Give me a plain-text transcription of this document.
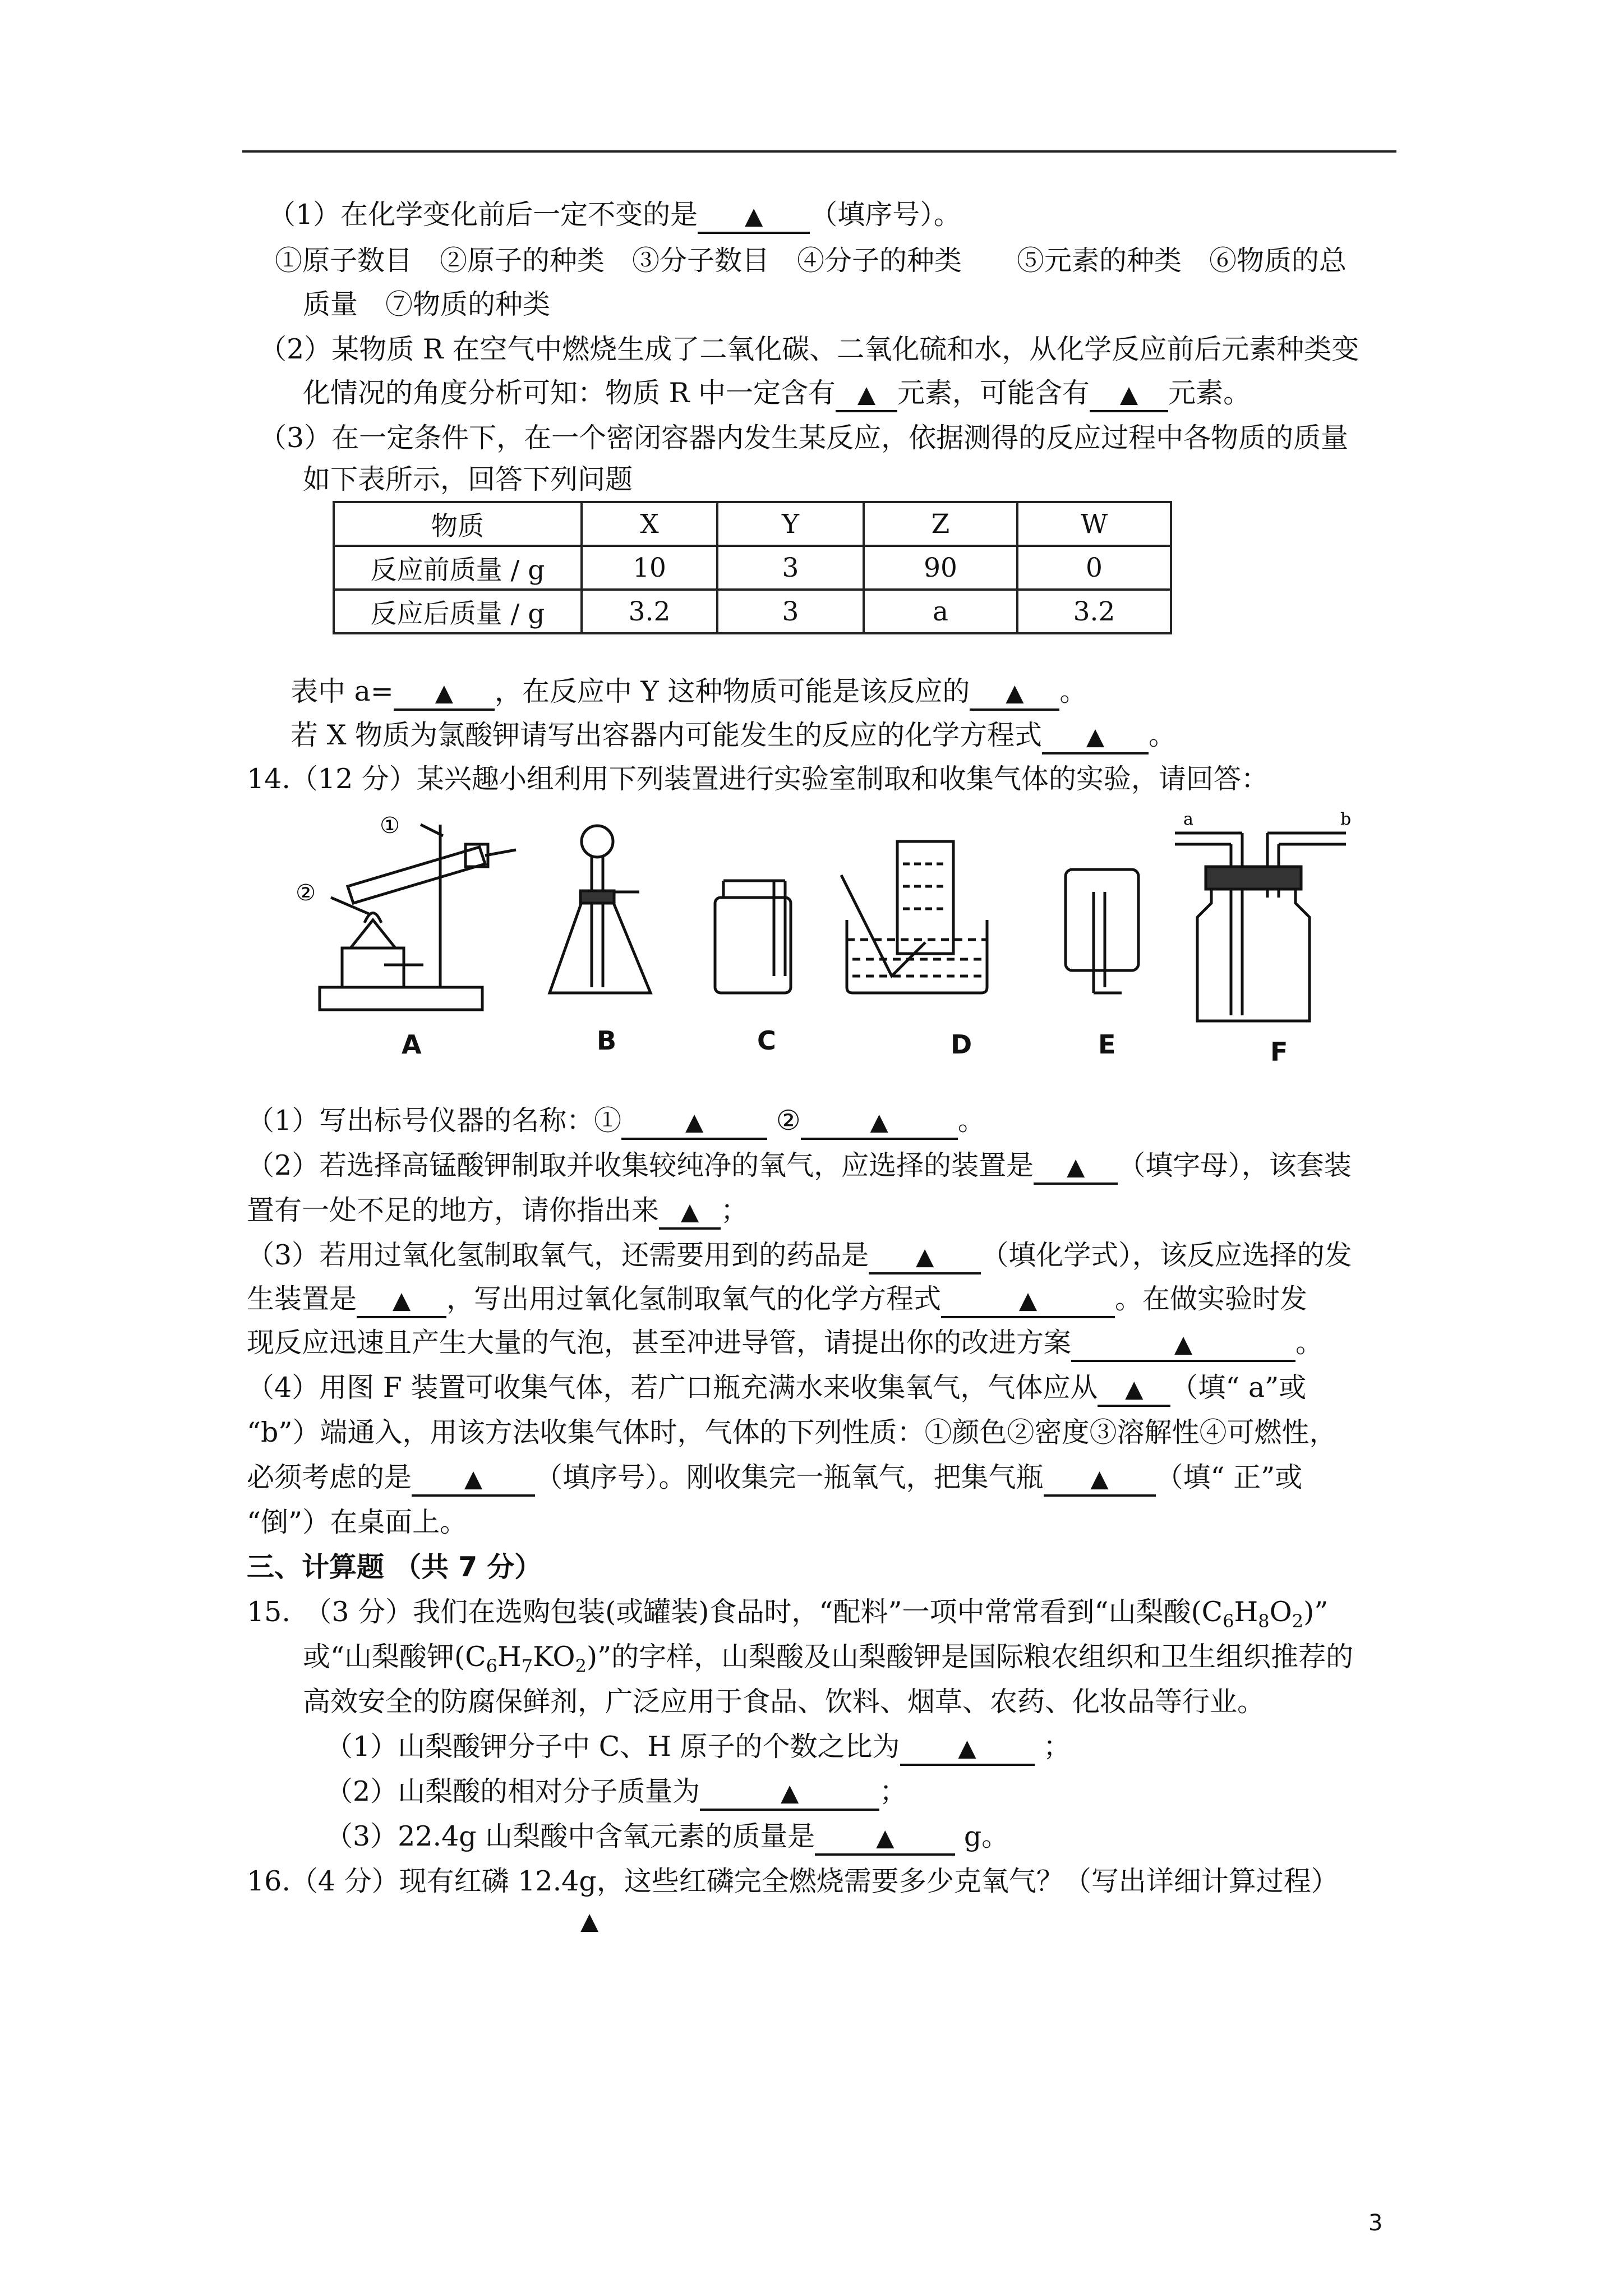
（1）在化学变化前后一定不变的是 ▲ （填序号）。
①原子数目　②原子的种类　③分子数目　④分子的种类　　⑤元素的种类　⑥物质的总
质量　⑦物质的种类
（2）某物质 R 在空气中燃烧生成了二氧化碳、二氧化硫和水，从化学反应前后元素种类变
化情况的角度分析可知：物质 R 中一定含有 ▲ 元素，可能含有 ▲ 元素。
（3）在一定条件下，在一个密闭容器内发生某反应，依据测得的反应过程中各物质的质量
如下表所示，回答下列问题
物质	X	Y	Z	W
反应前质量 / g	10	3	90	0
反应后质量 / g	3.2	3	a	3.2
表中 a= ▲ ，在反应中 Y 这种物质可能是该反应的 ▲ 。
若 X 物质为氯酸钾请写出容器内可能发生的反应的化学方程式 ▲ 。
14.（12 分）某兴趣小组利用下列装置进行实验室制取和收集气体的实验，请回答：
①
②
a	b
A	B	C	D	E	F
（1）写出标号仪器的名称：①	▲	②	▲	。
（2）若选择高锰酸钾制取并收集较纯净的氧气，应选择的装置是 ▲ （填字母），该套装
置有一处不足的地方，请你指出来 ▲ ；
（3）若用过氧化氢制取氧气，还需要用到的药品是 ▲ （填化学式），该反应选择的发
生装置是 ▲ ，写出用过氧化氢制取氧气的化学方程式	▲	。在做实验时发
现反应迅速且产生大量的气泡，甚至冲进导管，请提出你的改进方案	▲	。
（4）用图 F 装置可收集气体，若广口瓶充满水来收集氧气，气体应从 ▲ （填“ a”或
“b”）端通入，用该方法收集气体时，气体的下列性质：①颜色②密度③溶解性④可燃性，
必须考虑的是 ▲ （填序号）。刚收集完一瓶氧气，把集气瓶 ▲ （填“ 正”或
“倒”）在桌面上。
三、计算题 （共 7 分）
15.　（3 分）我们在选购包装(或罐装)食品时，“配料”一项中常常看到“山梨酸$(C_6H_8O_2)$”
或“山梨酸钾$(C_6H_7KO_2)$”的字样，山梨酸及山梨酸钾是国际粮农组织和卫生组织推荐的
高效安全的防腐保鲜剂，广泛应用于食品、饮料、烟草、农药、化妆品等行业。
（1）山梨酸钾分子中 C、H 原子的个数之比为 ▲ ；
（2）山梨酸的相对分子质量为	▲	；
（3）22.4g 山梨酸中含氧元素的质量是	▲	g。
16.（4 分）现有红磷 12.4g，这些红磷完全燃烧需要多少克氧气？（写出详细计算过程）
▲
3
